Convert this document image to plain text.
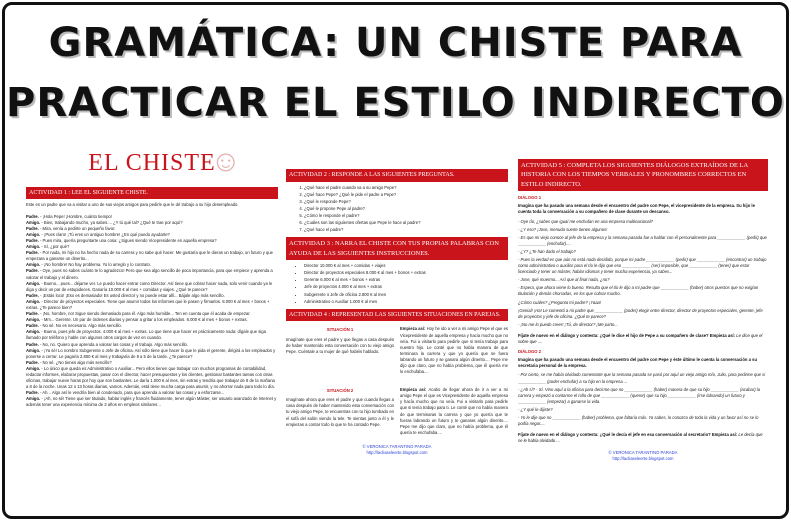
GRAMÁTICA: UN CHISTE PARA
PRACTICAR EL ESTILO INDIRECTO
EL CHISTE
☺
ACTIVIDAD 1 : LEE EL SIGUIENTE CHISTE.

Este es un padre que va a visitar a uno de sus viejos amigos para pedirle que le dé trabajo a su hijo desempleado.

Padre. - ¡Hola Pepe! ¡Hombre, cuánto tiempo!

Amigo. - Bien, trabajando mucho, ya sabes.... ¿Y tú qué tal? ¿Qué te trae por aquí?

Padre. - Mira, venía a pedirte un pequeño favor.

Amigo. - ¡Pues claro! ¡Tú eres un antiguo hombre! ¿En qué puedo ayudarte?

Padre. - Pues mira, quería preguntarte una cosa: ¿Sigues siendo Vicepresidente en aquella empresa?

Amigo. - Sí, ¿por qué?

Padre. - Por nada, mi hijo no ha hecho nada de su carrera y no sabe qué hacer. Me gustaría que le dieras un trabajo, un futuro y que empezara a ganarse un dinerito...

Amigo. - ¡No hombre! No hay problema. Yo lo arreglo y lo contrato.

Padre. - Oye, pues no sabes cuánto te lo agradezco! Pero que sea algo sencillo de poca importancia, para que empiece y aprenda a valorar el trabajo y el dinero.

Amigo. - Bueno... pues... déjame ver. Le puedo hacer entrar como Director. Así tiene que cobrar hacer nada, solo venir cuando ya le diga y decir un par de estupideces. Ganaría 10.000 € al mes + comidas y viajes. ¿Qué te parece?

Padre. - ¡Estás loco! ¡Eso es demasiado! Es usted director y no puede estar allí... Bájale algo más sencillo.

Amigo. - Director de proyectos especiales. Tiene que asumir todos los informes que le pasen y firmarlos. 8.000 € al mes + bonos + extras. ¿Te parece bien?

Padre. - ¡No, hombre, no! Sigue siendo demasiado para él. Algo más humilde... Ten en cuenta que él acaba de empezar.

Amigo. - Mm... Gerente. Un par de órdenes diarias y pensar a gritar a los empleados. 6.000 € al mes + bonos + extras.

Padre. - No sé. No es necesario. Algo más sencillo.

Amigo. - Bueno, pues jefe de proyectos. 4.000 € al mes + extras. Lo que tiene que hacer es prácticamente nada: dígale que siga llamado por teléfono y hable con algunos otros cargos de vez en cuando.

Padre. - No, no. Quiero que aprenda a valorar las cosas y el trabajo. Algo más sencillo.

Amigo. - ¡Ya sé! Lo nombro Subgerente o Jefe de oficina. Así sólo tiene que hacer lo que le pida el gerente, dirigirá a los empleados y ponerse a cerrar. Le pagaría 2.800 € al mes y trabajaría de 9 a 5 de la tarde. ¿Te parece?

Padre. - No sé. ¿No tienes algo más sencillo?

Amigo. - Lo único que queda es Administrativo o Auxiliar... Pero ellos tienen que trabajar con muchos programas de contabilidad, redactar informes, elaborar propuestas, pasar con el director, hacer presupuestos y los clientes, gestionar bastantes tareas con otras oficinas, trabajar nueve horas por hoy que son bastantes. Le daría 1.000 € al mes, sin extras y tendría que trabajar de 8 de la mañana a 8 de la noche. Unas 12 o 13 horas diarias, vamos. Además, está tiene mucha carga para asumir, y no ahorrar nada para todo lo día.

Padre. - Ah... Algo así le vendría bien al condenado, para que aprenda a valorar las cosas y a esforzarse...

Amigo. - ¡Ah, no sé! Tiene que ser titulado, hablar inglés y francés fluidamente, tener algún Máster, ser usuario avanzado de Internet y además tener una experiencia mínima de 3 años en empleos similares...

ACTIVIDAD 2 : RESPONDE A LAS SIGUIENTES PREGUNTAS.
1. ¿Qué hace el padre cuando va a su amigo Pepe?
2. ¿Qué hace Pepe? ¿Qué le pide el padre a Pepe?
3. ¿Qué le responde Pepe?
4. ¿Qué le propone Pepe al padre?
5. ¿Cómo le responde el padre?
6. ¿Cuáles son las siguientes ofertas que Pepe le hace al padre?
7. ¿Qué hace el padre?
ACTIVIDAD 3 : NARRA EL CHISTE CON TUS PROPIAS PALABRAS CON AYUDA DE LAS SIGUIENTES INSTRUCCIONES.
• Director 10.000 € al mes + comidas + viajes
• Director de proyectos especiales 8.000 € al mes + bonos + extras
• Gerente 6.000 € al mes + bonos + extras
• Jefe de proyectos 4.000 € al mes + extras
• Subgerente o Jefe de oficina 2.800 € al mes
• Administrativo o Auxiliar 1.000 € al mes
ACTIVIDAD 4 : REPRESENTAD LAS SIGUIENTES SITUACIONES EN PAREJAS.
SITUACIÓN 1

Imagínate que eres el padre y que llegas a casa después de haber mantenido esta conversación con tu viejo amigo Pepe. Cuéntale a tu mujer de qué habéis hablado.

Empieza así: Hoy he ido a ver a mi amigo Pepe el que es Vicepresidente de aquella empresa y hacía mucho que no veía. Fui a visitarlo para pedirle que si tenía trabajo para nuestro hijo. Le conté que no había manera de que terminara la carrera y que yo quería que se fuera labrando un futuro y se ganara algún dinerito.... Pepe me dijo que claro, que no había problema, que él quería me lo enchufaba....

SITUACIÓN 2

Imagínate ahora que eres el padre y que cuando llegas a casa después de haber mantenido esta conversación con tu viejo amigo Pepe, te encuentras con tu hijo tumbado en el sofá del salón viendo la tele. Te sientas junto a él y le empiezas a contar todo lo que te ha contado Pepe.

Empieza así: Acabo de llegar ahora de ir a ver a mi amigo Pepe el que es Vicepresidente de aquella empresa y hacía mucho que no veía. Fui a visitarlo para pedirle que si tenía trabajo para ti. Le conté que no había manera de que terminaras la carrera y que yo quería que te fueras labrando un futuro y te ganaras algún dinerito.... Pepe me dijo que claro, que no había problema, que él quería te enchufaba....

© VERONICA TARANTINO PARADA
http://lacliaseleerte.blogspot.com
ACTIVIDAD 5 : COMPLETA LOS SIGUIENTES DIÁLOGOS EXTRAÍDOS DE LA HISTORIA CON LOS TIEMPOS VERBALES Y PRONOMBRES CORRECTOS EN ESTILO INDIRECTO.
DIÁLOGO 1

Imagina que ha pasado una semana desde el encuentro del padre con Pepe, el vicepresidente de la empresa. Su hijo le cuenta toda la conversación a su compañero de clase durante un descanso.

- Oye tío, ¿sabes que igual me enchufan en una empresa multinacional?

- ¿Y eso? ¡Jose, menuda suerte tienen algunos!

- Es que mi viejo conoce al jefe de la empresa y la semana pasada fue a hablar con él personalmente para ____________ (pedir) que ____________ (enchufar)....

- ¿Y? ¿Te han dado el trabajo?

- Pues la verdad es que aún no está nada decidido, porque mi padre ____________ (pedir) que ____________ (encontrar) un trabajo como administrativo o auxiliar para el tío le dijo que eso ____________ (ser) imposible, que ____________ (tener) que estar licenciado y tener un máster, hablar idiomas y tener mucha experiencia, ya sabes...

- Jose, qué muermo... Así que al final nada, ¿no?

- Espera, que ahora viene lo bueno. Resulta que el tío le dijo a mi padre que ____________ (haber) otros puestos que no exigían titulación y demás chorradas, en los que cobrar mucho.

¿Cómo cuáles? ¿Pregunta mi padre? ¡Yaaa!

¡Genial! ¡Ha! Le comentó a mi padre que ____________ (poder) elegir entre director, director de proyectos especiales, gerente, jefe de proyectos y jefe de oficina. ¿Qué te parece?

- ¡No me lo puedo creer! ¡Tú, de director? ¡Me parto...

Fíjate de nuevo en el diálogo y contesta: ¿Qué le dice el hijo de Pepe a su compañero de clase? Empieza así: Le dice que el sobre que ....

DIÁLOGO 2

Imagina que ha pasado una semana desde el encuentro del padre con Pepe y éste último le cuenta la conversación a su secretaria personal de la empresa.

- Por cierto, se me había olvidado comentarte que la semana pasada se pasó por aquí un viejo amigo mío, Julio, para pedirme que si ____________ (poder enchufar) a su hijo en la empresa....

- ¿Ah sí? - Sí. Vino aquí a la oficina para decirme que no ____________ (haber) manera de que su hijo ____________ (acabar) la carrera y empezó a contarme el rollo de que ____________ (querer) que su hijo ____________ (irse labrando) un futuro y ____________ (empezar) a ganarse la vida.

- ¿Y qué le dijiste?

- Yo le dije que no ____________ (haber) problema, que faltaría más. Ya sabes, lo conozco de toda la vida y un favor así no se lo podía negar....

Fíjate de nuevo en el diálogo y contesta: ¿Qué le decía el jefe en esa conversación al secretario? Empieza así: Le decía que se le había olvidado ...

© VERONICA TARANTINO PARADA
http://lacliaseleerte.blogspot.com
